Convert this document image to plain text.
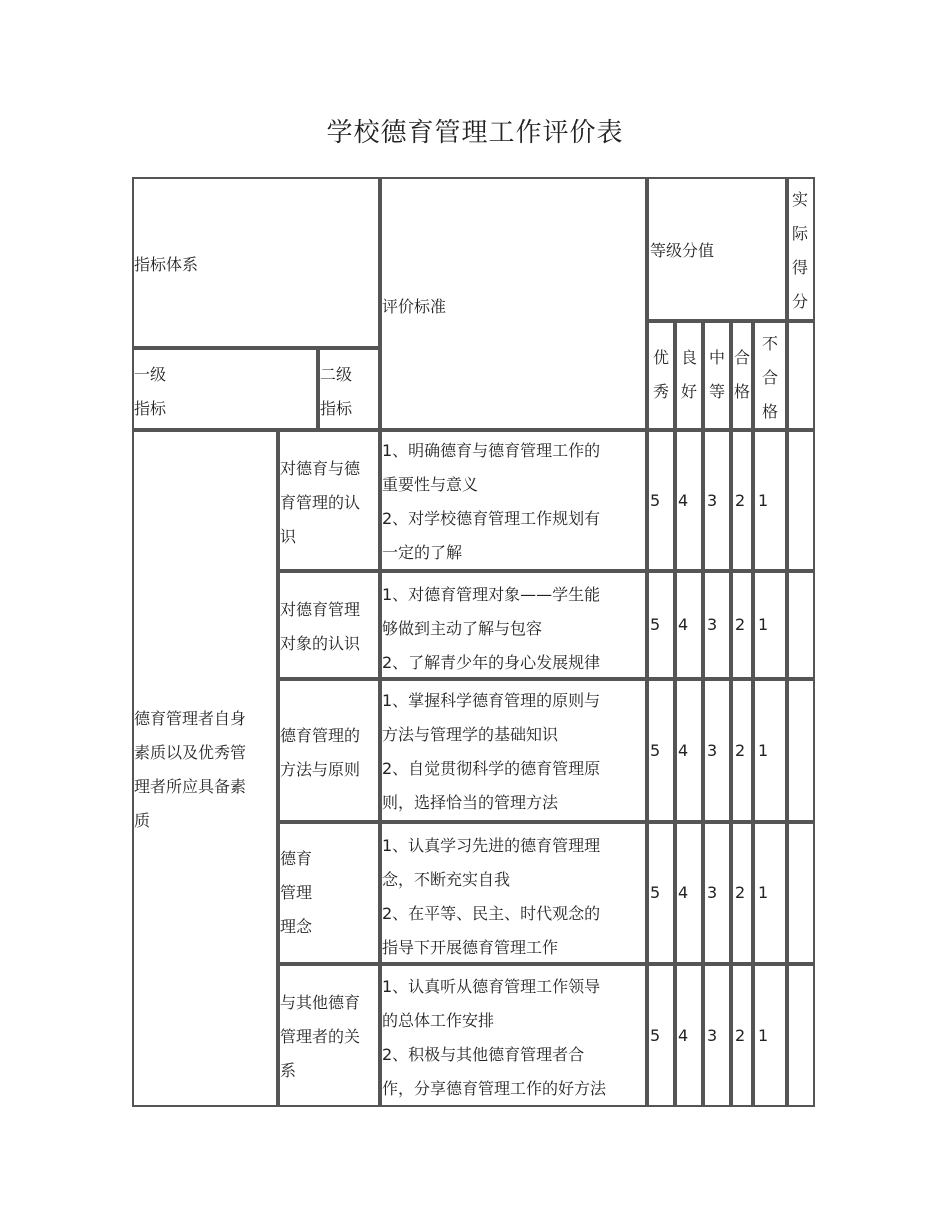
学校德育管理工作评价表
指标体系
一级
指标
二级
指标
评价标准
等级分值
实
际
得
分
优
秀
良
好
中
等
合
格
不
合
格
德育管理者自身
素质以及优秀管
理者所应具备素
质
对德育与德
育管理的认
识
1、明确德育与德育管理工作的
重要性与意义
2、对学校德育管理工作规划有
一定的了解
5 4 3 2 1
对德育管理
对象的认识
1、对德育管理对象——学生能
够做到主动了解与包容
2、了解青少年的身心发展规律
5 4 3 2 1
德育管理的
方法与原则
1、掌握科学德育管理的原则与
方法与管理学的基础知识
2、自觉贯彻科学的德育管理原
则，选择恰当的管理方法
5 4 3 2 1
德育
管理
理念
1、认真学习先进的德育管理理
念，不断充实自我
2、在平等、民主、时代观念的
指导下开展德育管理工作
5 4 3 2 1
与其他德育
管理者的关
系
1、认真听从德育管理工作领导
的总体工作安排
2、积极与其他德育管理者合
作，分享德育管理工作的好方法
5 4 3 2 1
